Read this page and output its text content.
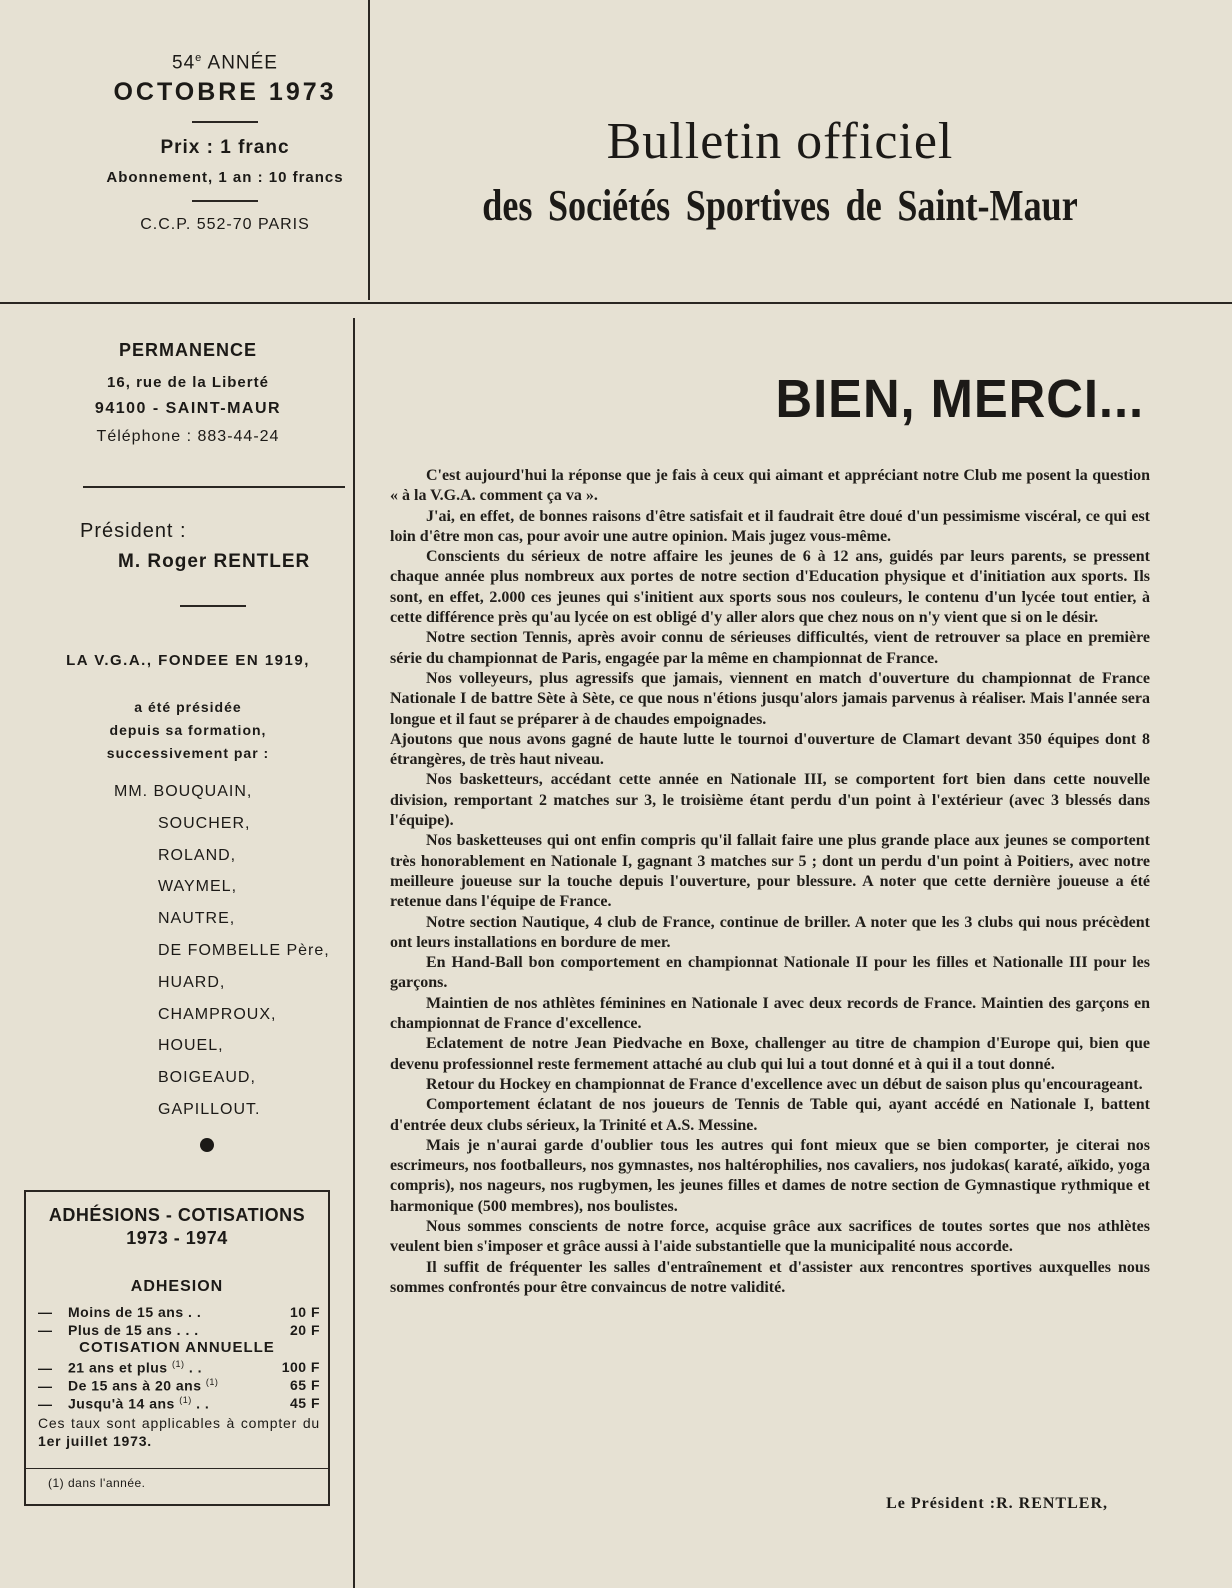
54e ANNÉE
OCTOBRE 1973
Prix : 1 franc
Abonnement, 1 an : 10 francs
C.C.P. 552-70 PARIS
Bulletin officiel
des Sociétés Sportives de Saint-Maur
PERMANENCE
16, rue de la Liberté
94100 - SAINT-MAUR
Téléphone : 883-44-24
Président :
M. Roger RENTLER
LA V.G.A., FONDEE EN 1919,
a été présidée
depuis sa formation,
successivement par :
MM. BOUQUAIN,
SOUCHER,
ROLAND,
WAYMEL,
NAUTRE,
DE FOMBELLE Père,
HUARD,
CHAMPROUX,
HOUEL,
BOIGEAUD,
GAPILLOUT.
ADHÉSIONS - COTISATIONS
1973 - 1974
ADHESION
— Moins de 15 ans . .	10 F
— Plus de 15 ans . . .	20 F
COTISATION ANNUELLE
— 21 ans et plus $^{(1)}$ . .	100 F
— De 15 ans à 20 ans $^{(1)}$	65 F
— Jusqu'à 14 ans $^{(1)}$ . .	45 F
Ces taux sont applicables à compter du 1er juillet 1973.
(1) dans l'année.
BIEN, MERCI...

C'est aujourd'hui la réponse que je fais à ceux qui aimant et appréciant notre Club me posent la question « à la V.G.A. comment ça va ».

J'ai, en effet, de bonnes raisons d'être satisfait et il faudrait être doué d'un pessimisme viscéral, ce qui est loin d'être mon cas, pour avoir une autre opinion. Mais jugez vous-même.

Conscients du sérieux de notre affaire les jeunes de 6 à 12 ans, guidés par leurs parents, se pressent chaque année plus nombreux aux portes de notre section d'Education physique et d'initiation aux sports. Ils sont, en effet, 2.000 ces jeunes qui s'initient aux sports sous nos couleurs, le contenu d'un lycée tout entier, à cette différence près qu'au lycée on est obligé d'y aller alors que chez nous on n'y vient que si on le désir.

Notre section Tennis, après avoir connu de sérieuses difficultés, vient de retrouver sa place en première série du championnat de Paris, engagée par la même en championnat de France.

Nos volleyeurs, plus agressifs que jamais, viennent en match d'ouverture du championnat de France Nationale I de battre Sète à Sète, ce que nous n'étions jusqu'alors jamais parvenus à réaliser. Mais l'année sera longue et il faut se préparer à de chaudes empoignades.

Ajoutons que nous avons gagné de haute lutte le tournoi d'ouverture de Clamart devant 350 équipes dont 8 étrangères, de très haut niveau.

Nos basketteurs, accédant cette année en Nationale III, se comportent fort bien dans cette nouvelle division, remportant 2 matches sur 3, le troisième étant perdu d'un point à l'extérieur (avec 3 blessés dans l'équipe).

Nos basketteuses qui ont enfin compris qu'il fallait faire une plus grande place aux jeunes se comportent très honorablement en Nationale I, gagnant 3 matches sur 5 ; dont un perdu d'un point à Poitiers, avec notre meilleure joueuse sur la touche depuis l'ouverture, pour blessure. A noter que cette dernière joueuse a été retenue dans l'équipe de France.

Notre section Nautique, 4 club de France, continue de briller. A noter que les 3 clubs qui nous précèdent ont leurs installations en bordure de mer.

En Hand-Ball bon comportement en championnat Nationale II pour les filles et Nationalle III pour les garçons.

Maintien de nos athlètes féminines en Nationale I avec deux records de France. Maintien des garçons en championnat de France d'excellence.

Eclatement de notre Jean Piedvache en Boxe, challenger au titre de champion d'Europe qui, bien que devenu professionnel reste fermement attaché au club qui lui a tout donné et à qui il a tout donné.

Retour du Hockey en championnat de France d'excellence avec un début de saison plus qu'encourageant.

Comportement éclatant de nos joueurs de Tennis de Table qui, ayant accédé en Nationale I, battent d'entrée deux clubs sérieux, la Trinité et A.S. Messine.

Mais je n'aurai garde d'oublier tous les autres qui font mieux que se bien comporter, je citerai nos escrimeurs, nos footballeurs, nos gymnastes, nos haltérophilies, nos cavaliers, nos judokas( karaté, aïkido, yoga compris), nos nageurs, nos rugbymen, les jeunes filles et dames de notre section de Gymnastique rythmique et harmonique (500 membres), nos boulistes.

Nous sommes conscients de notre force, acquise grâce aux sacrifices de toutes sortes que nos athlètes veulent bien s'imposer et grâce aussi à l'aide substantielle que la municipalité nous accorde.

Il suffit de fréquenter les salles d'entraînement et d'assister aux rencontres sportives auxquelles nous sommes confrontés pour être convaincus de notre validité.

Le Président :R. RENTLER,
